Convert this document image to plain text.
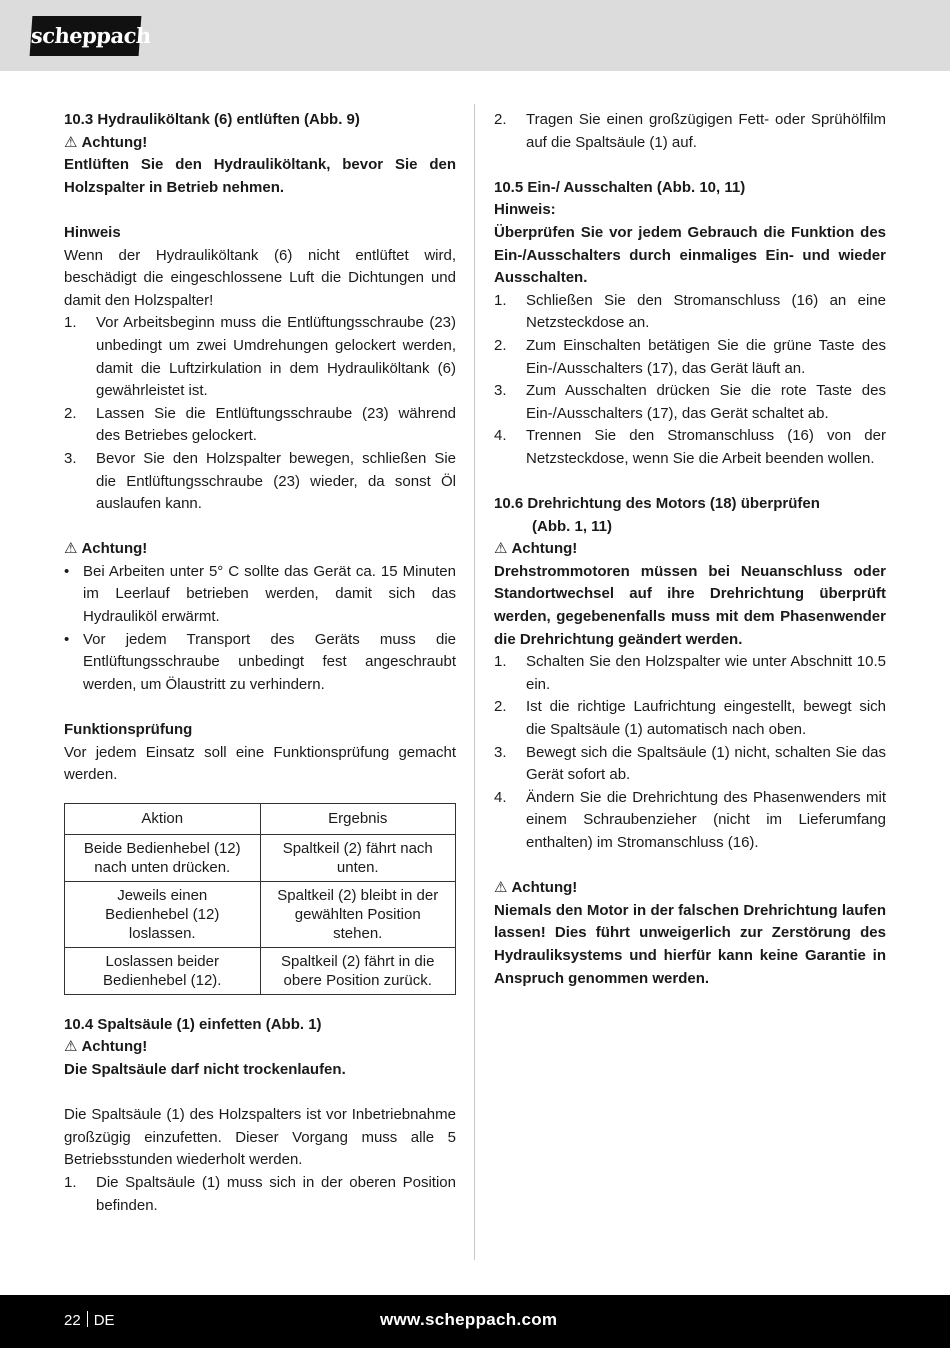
scheppach

10.3 Hydrauliköltank (6) entlüften (Abb. 9)

⚠ Achtung!

Entlüften Sie den Hydrauliköltank, bevor Sie den Holzspalter in Betrieb nehmen.

Hinweis

Wenn der Hydrauliköltank (6) nicht entlüftet wird, beschädigt die eingeschlossene Luft die Dichtungen und damit den Holzspalter!

1. Vor Arbeitsbeginn muss die Entlüftungsschraube (23) unbedingt um zwei Umdrehungen gelockert werden, damit die Luftzirkulation in dem Hydrauliköltank (6) gewährleistet ist.
2. Lassen Sie die Entlüftungsschraube (23) während des Betriebes gelockert.
3. Bevor Sie den Holzspalter bewegen, schließen Sie die Entlüftungsschraube (23) wieder, da sonst Öl auslaufen kann.

⚠ Achtung!

• Bei Arbeiten unter 5° C sollte das Gerät ca. 15 Minuten im Leerlauf betrieben werden, damit sich das Hydrauliköl erwärmt.
• Vor jedem Transport des Geräts muss die Entlüftungsschraube unbedingt fest angeschraubt werden, um Ölaustritt zu verhindern.

Funktionsprüfung

Vor jedem Einsatz soll eine Funktionsprüfung gemacht werden.

Aktion	Ergebnis
Beide Bedienhebel (12) nach unten drücken.	Spaltkeil (2) fährt nach unten.
Jeweils einen Bedienhebel (12) loslassen.	Spaltkeil (2) bleibt in der gewählten Position stehen.
Loslassen beider Bedienhebel (12).	Spaltkeil (2) fährt in die obere Position zurück.

10.4 Spaltsäule (1) einfetten (Abb. 1)

⚠ Achtung!

Die Spaltsäule darf nicht trockenlaufen.

Die Spaltsäule (1) des Holzspalters ist vor Inbetriebnahme großzügig einzufetten. Dieser Vorgang muss alle 5 Betriebsstunden wiederholt werden.

1. Die Spaltsäule (1) muss sich in der oberen Position befinden.
2. Tragen Sie einen großzügigen Fett- oder Sprühölfilm auf die Spaltsäule (1) auf.

10.5 Ein-/ Ausschalten (Abb. 10, 11)

Hinweis:

Überprüfen Sie vor jedem Gebrauch die Funktion des Ein-/Ausschalters durch einmaliges Ein- und wieder Ausschalten.

1. Schließen Sie den Stromanschluss (16) an eine Netzsteckdose an.
2. Zum Einschalten betätigen Sie die grüne Taste des Ein-/Ausschalters (17), das Gerät läuft an.
3. Zum Ausschalten drücken Sie die rote Taste des Ein-/Ausschalters (17), das Gerät schaltet ab.
4. Trennen Sie den Stromanschluss (16) von der Netzsteckdose, wenn Sie die Arbeit beenden wollen.

10.6 Drehrichtung des Motors (18) überprüfen

(Abb. 1, 11)

⚠ Achtung!

Drehstrommotoren müssen bei Neuanschluss oder Standortwechsel auf ihre Drehrichtung überprüft werden, gegebenenfalls muss mit dem Phasenwender die Drehrichtung geändert werden.

1. Schalten Sie den Holzspalter wie unter Abschnitt 10.5 ein.
2. Ist die richtige Laufrichtung eingestellt, bewegt sich die Spaltsäule (1) automatisch nach oben.
3. Bewegt sich die Spaltsäule (1) nicht, schalten Sie das Gerät sofort ab.
4. Ändern Sie die Drehrichtung des Phasenwenders mit einem Schraubenzieher (nicht im Lieferumfang enthalten) im Stromanschluss (16).

⚠ Achtung!

Niemals den Motor in der falschen Drehrichtung laufen lassen! Dies führt unweigerlich zur Zerstörung des Hydrauliksystems und hierfür kann keine Garantie in Anspruch genommen werden.

22 DE	www.scheppach.com
